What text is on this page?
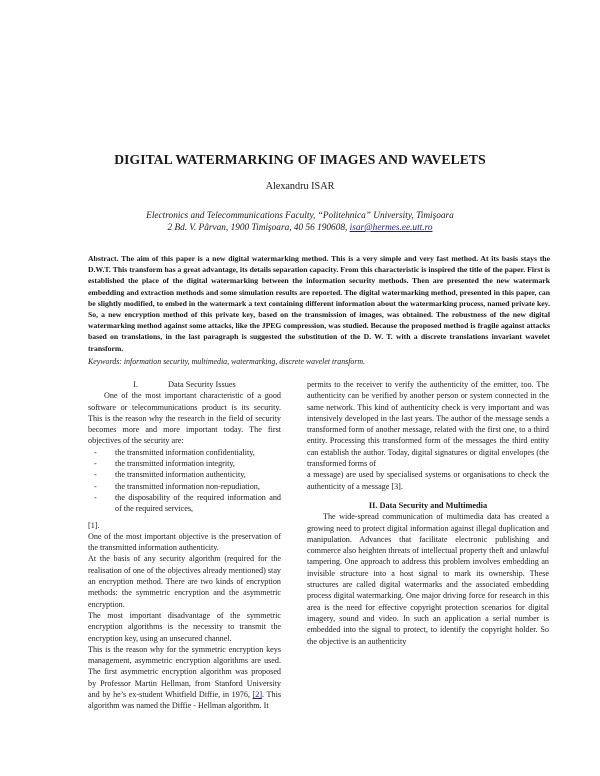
DIGITAL WATERMARKING OF IMAGES AND WAVELETS
Alexandru ISAR
Electronics and Telecommunications Faculty, “Politehnica” University, Timişoara
2 Bd. V. Pârvan, 1900 Timişoara, 40 56 190608, isar@hermes.ee.utt.ro
Abstract. The aim of this paper is a new digital watermarking method. This is a very simple and very fast method. At its basis stays the D.W.T. This transform has a great advantage, its details separation capacity. From this characteristic is inspired the title of the paper. First is established the place of the digital watermarking between the information security methods. Then are presented the new watermark embedding and extraction methods and some simulation results are reported. The digital watermarking method, presented in this paper, can be slightly modified, to embed in the watermark a text containing different information about the watermarking process, named private key. So, a new encryption method of this private key, based on the transmission of images, was obtained. The robustness of the new digital watermarking method against some attacks, like the JPEG compression, was studied. Because the proposed method is fragile against attacks based on translations, in the last paragraph is suggested the substitution of the D. W. T. with a discrete translations invariant wavelet transform.
Keywords: information security, multimedia, watermarking, discrete wavelet transform.

I.	Data Security Issues

One of the most important characteristic of a good software or telecommunications product is its security. This is the reason why the research in the field of security becomes more and more important today. The first objectives of the security are:

- the transmitted information confidentiality,
- the transmitted information integrity,
- the transmitted information authenticity,
- the transmitted information non-repudiation,
- the disposability of the required information and of the required services,

[1].

One of the most important objective is the preservation of the transmitted information authenticity.

At the basis of any security algorithm (required for the realisation of one of the objectives already mentioned) stay an encryption method. There are two kinds of encryption methods: the symmetric encryption and the asymmetric encryption.

The most important disadvantage of the symmetric encryption algorithms is the necessity to transmit the encryption key, using an unsecured channel.

This is the reason why for the symmetric encryption keys management, asymmetric encryption algorithms are used. The first asymmetric encryption algorithm was proposed by Professor Martin Hellman, from Stanford University and by he’s ex-student Whitfield Diffie, in 1976, [2]. This algorithm was named the Diffie - Hellman algorithm. It

permits to the receiver to verify the authenticity of the emitter, too. The authenticity can be verified by another person or system connected in the same network. This kind of authenticity check is very important and was intensively developed in the last years. The author of the message sends a transformed form of another message, related with the first one, to a third entity. Processing this transformed form of the messages the third entity can establish the author. Today, digital signatures or digital envelopes (the transformed forms of

a message) are used by specialised systems or organisations to check the authenticity of a message [3].

II. Data Security and Multimedia

The wide-spread communication of multimedia data has created a growing need to protect digital information against illegal duplication and manipulation. Advances that facilitate electronic publishing and commerce also heighten threats of intellectual property theft and unlawful tampering. One approach to address this problem involves embedding an invisible structure into a host signal to mark its ownership. These structures are called digital watermarks and the associated embedding process digital watermarking. One major driving force for research in this area is the need for effective copyright protection scenarios for digital imagery, sound and video. In such an application a serial number is embedded into the signal to protect, to identify the copyright holder. So the objective is an authenticity
